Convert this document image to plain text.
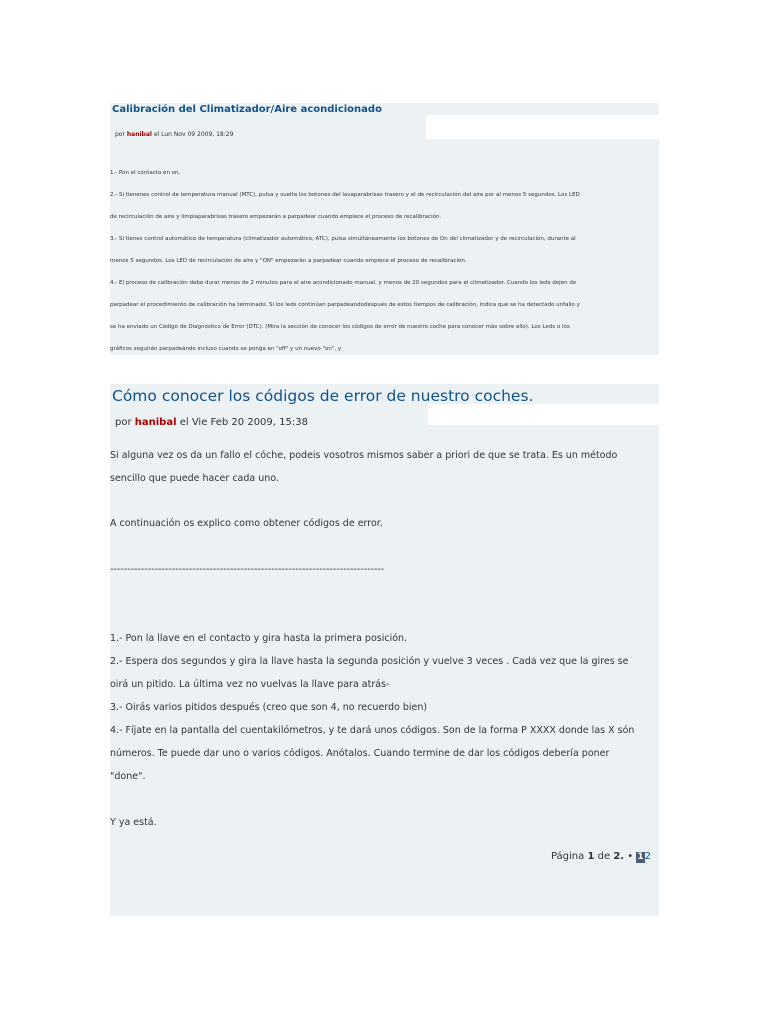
Calibración del Climatizador/Aire acondicionado
por hanibal el Lun Nov 09 2009, 18:29

1.- Pon el contacto en on.

2.- Si tienenes control de temperatura manual (MTC), pulsa y suelta los botones del lavaparabrisas trasero y el de recirculación del aire por al menos 5 segundos. Los LED

de recirculación de aire y limpiaparabrisas trasero empezarán a parpadear cuando empiece el proceso de recalibración.

3.- Si tienes control automático de temperatura (climatizador automático, ATC), pulsa simultáneamente los botones de On del climatizador y de recirculación, durante al

menos 5 segundos. Los LED de recirculación de aire y "ON" empezarán a parpadear cuando empiece el proceso de recalibración.

4.- El proceso de calibración debe durar menos de 2 minutos para el aire acondicionado manual, y menos de 20 segundos para el climatizador. Cuando los leds dejen de

parpadear el procedimiento de calibración ha terminado. Si los leds continúan parpadeandodespués de estos tiempos de calibración, indica que se ha detectado unfallo y

se ha enviado un Código de Diagnóstico de Error (DTC). (Mira la sección de conocer los códigos de error de nuestro coche para conocer más sobre ello). Los Leds o los

gráficos seguirán parpadeándo incluso cuando se ponga en "off" y un nuevo "on", y

Cómo conocer los códigos de error de nuestro coches.
por hanibal el Vie Feb 20 2009, 15:38

Si alguna vez os da un fallo el cóche, podeis vosotros mismos saber a priori de que se trata. Es un método

sencillo que puede hacer cada uno.

A continuación os explico como obtener códigos de error.

--------------------------------------------------------------------------------

1.- Pon la llave en el contacto y gira hasta la primera posición.

2.- Espera dos segundos y gira la llave hasta la segunda posición y vuelve 3 veces . Cada vez que la gires se

oirá un pitido. La última vez no vuelvas la llave para atrás-

3.- Oirás varios pitidos después (creo que son 4, no recuerdo bien)

4.- Fíjate en la pantalla del cuentakilómetros, y te dará unos códigos. Son de la forma P XXXX donde las X són

números. Te puede dar uno o varios códigos. Anótalos. Cuando termine de dar los códigos debería poner

"done".

Y ya está.

Página 1 de 2. • 12
